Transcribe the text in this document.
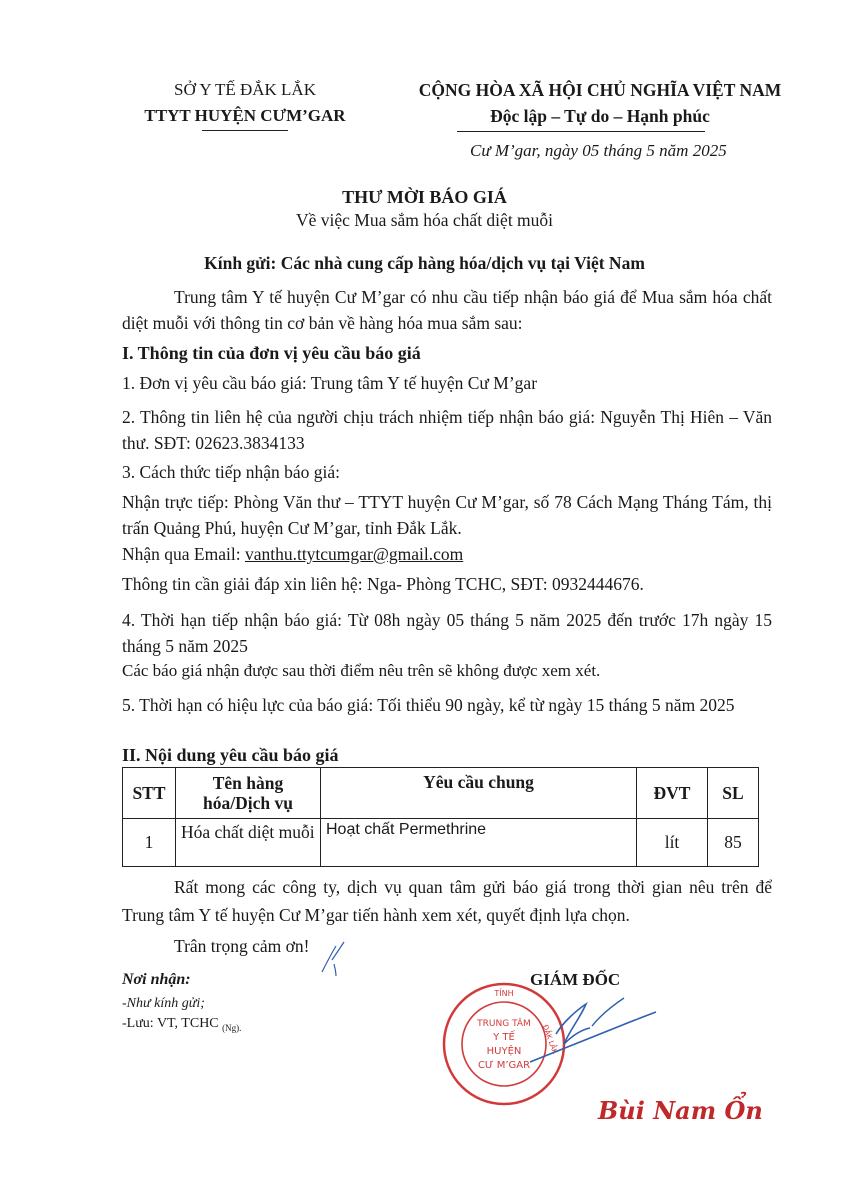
SỞ Y TẾ ĐẮK LẮK
TTYT HUYỆN CƯM’GAR
CỘNG HÒA XÃ HỘI CHỦ NGHĨA VIỆT NAM
Độc lập – Tự do – Hạnh phúc
Cư M’gar, ngày 05 tháng 5 năm 2025
THƯ MỜI BÁO GIÁ
Về việc Mua sắm hóa chất diệt muỗi
Kính gửi: Các nhà cung cấp hàng hóa/dịch vụ tại Việt Nam
Trung tâm Y tế huyện Cư M’gar có nhu cầu tiếp nhận báo giá để Mua sắm hóa chất diệt muỗi với thông tin cơ bản về hàng hóa mua sắm sau:
I. Thông tin của đơn vị yêu cầu báo giá
1. Đơn vị yêu cầu báo giá: Trung tâm Y tế huyện Cư M’gar
2. Thông tin liên hệ của người chịu trách nhiệm tiếp nhận báo giá: Nguyễn Thị Hiên – Văn thư. SĐT: 02623.3834133
3. Cách thức tiếp nhận báo giá:
Nhận trực tiếp: Phòng Văn thư – TTYT huyện Cư M’gar, số 78 Cách Mạng Tháng Tám, thị trấn Quảng Phú, huyện Cư M’gar, tỉnh Đắk Lắk.
Nhận qua Email: vanthu.ttytcumgar@gmail.com
Thông tin cần giải đáp xin liên hệ: Nga- Phòng TCHC, SĐT: 0932444676.
4. Thời hạn tiếp nhận báo giá: Từ 08h ngày 05 tháng 5 năm 2025 đến trước 17h ngày 15 tháng 5 năm 2025
Các báo giá nhận được sau thời điểm nêu trên sẽ không được xem xét.
5. Thời hạn có hiệu lực của báo giá: Tối thiểu 90 ngày, kể từ ngày 15 tháng 5 năm 2025
II. Nội dung yêu cầu báo giá
STT	Tên hàng hóa/Dịch vụ	Yêu cầu chung	ĐVT	SL
1	Hóa chất diệt muỗi	Hoạt chất Permethrine	lít	85
Rất mong các công ty, dịch vụ quan tâm gửi báo giá trong thời gian nêu trên để Trung tâm Y tế huyện Cư M’gar tiến hành xem xét, quyết định lựa chọn.
Trân trọng cảm ơn!
Nơi nhận:
-Như kính gửi;
-Lưu: VT, TCHC $_{(Ng).}$
GIÁM ĐỐC
TỈNH
ĐẮK LẮK
TRUNG TÂM
Y TẾ
HUYỆN
CƯ M’GAR
Bùi Nam Ổn
